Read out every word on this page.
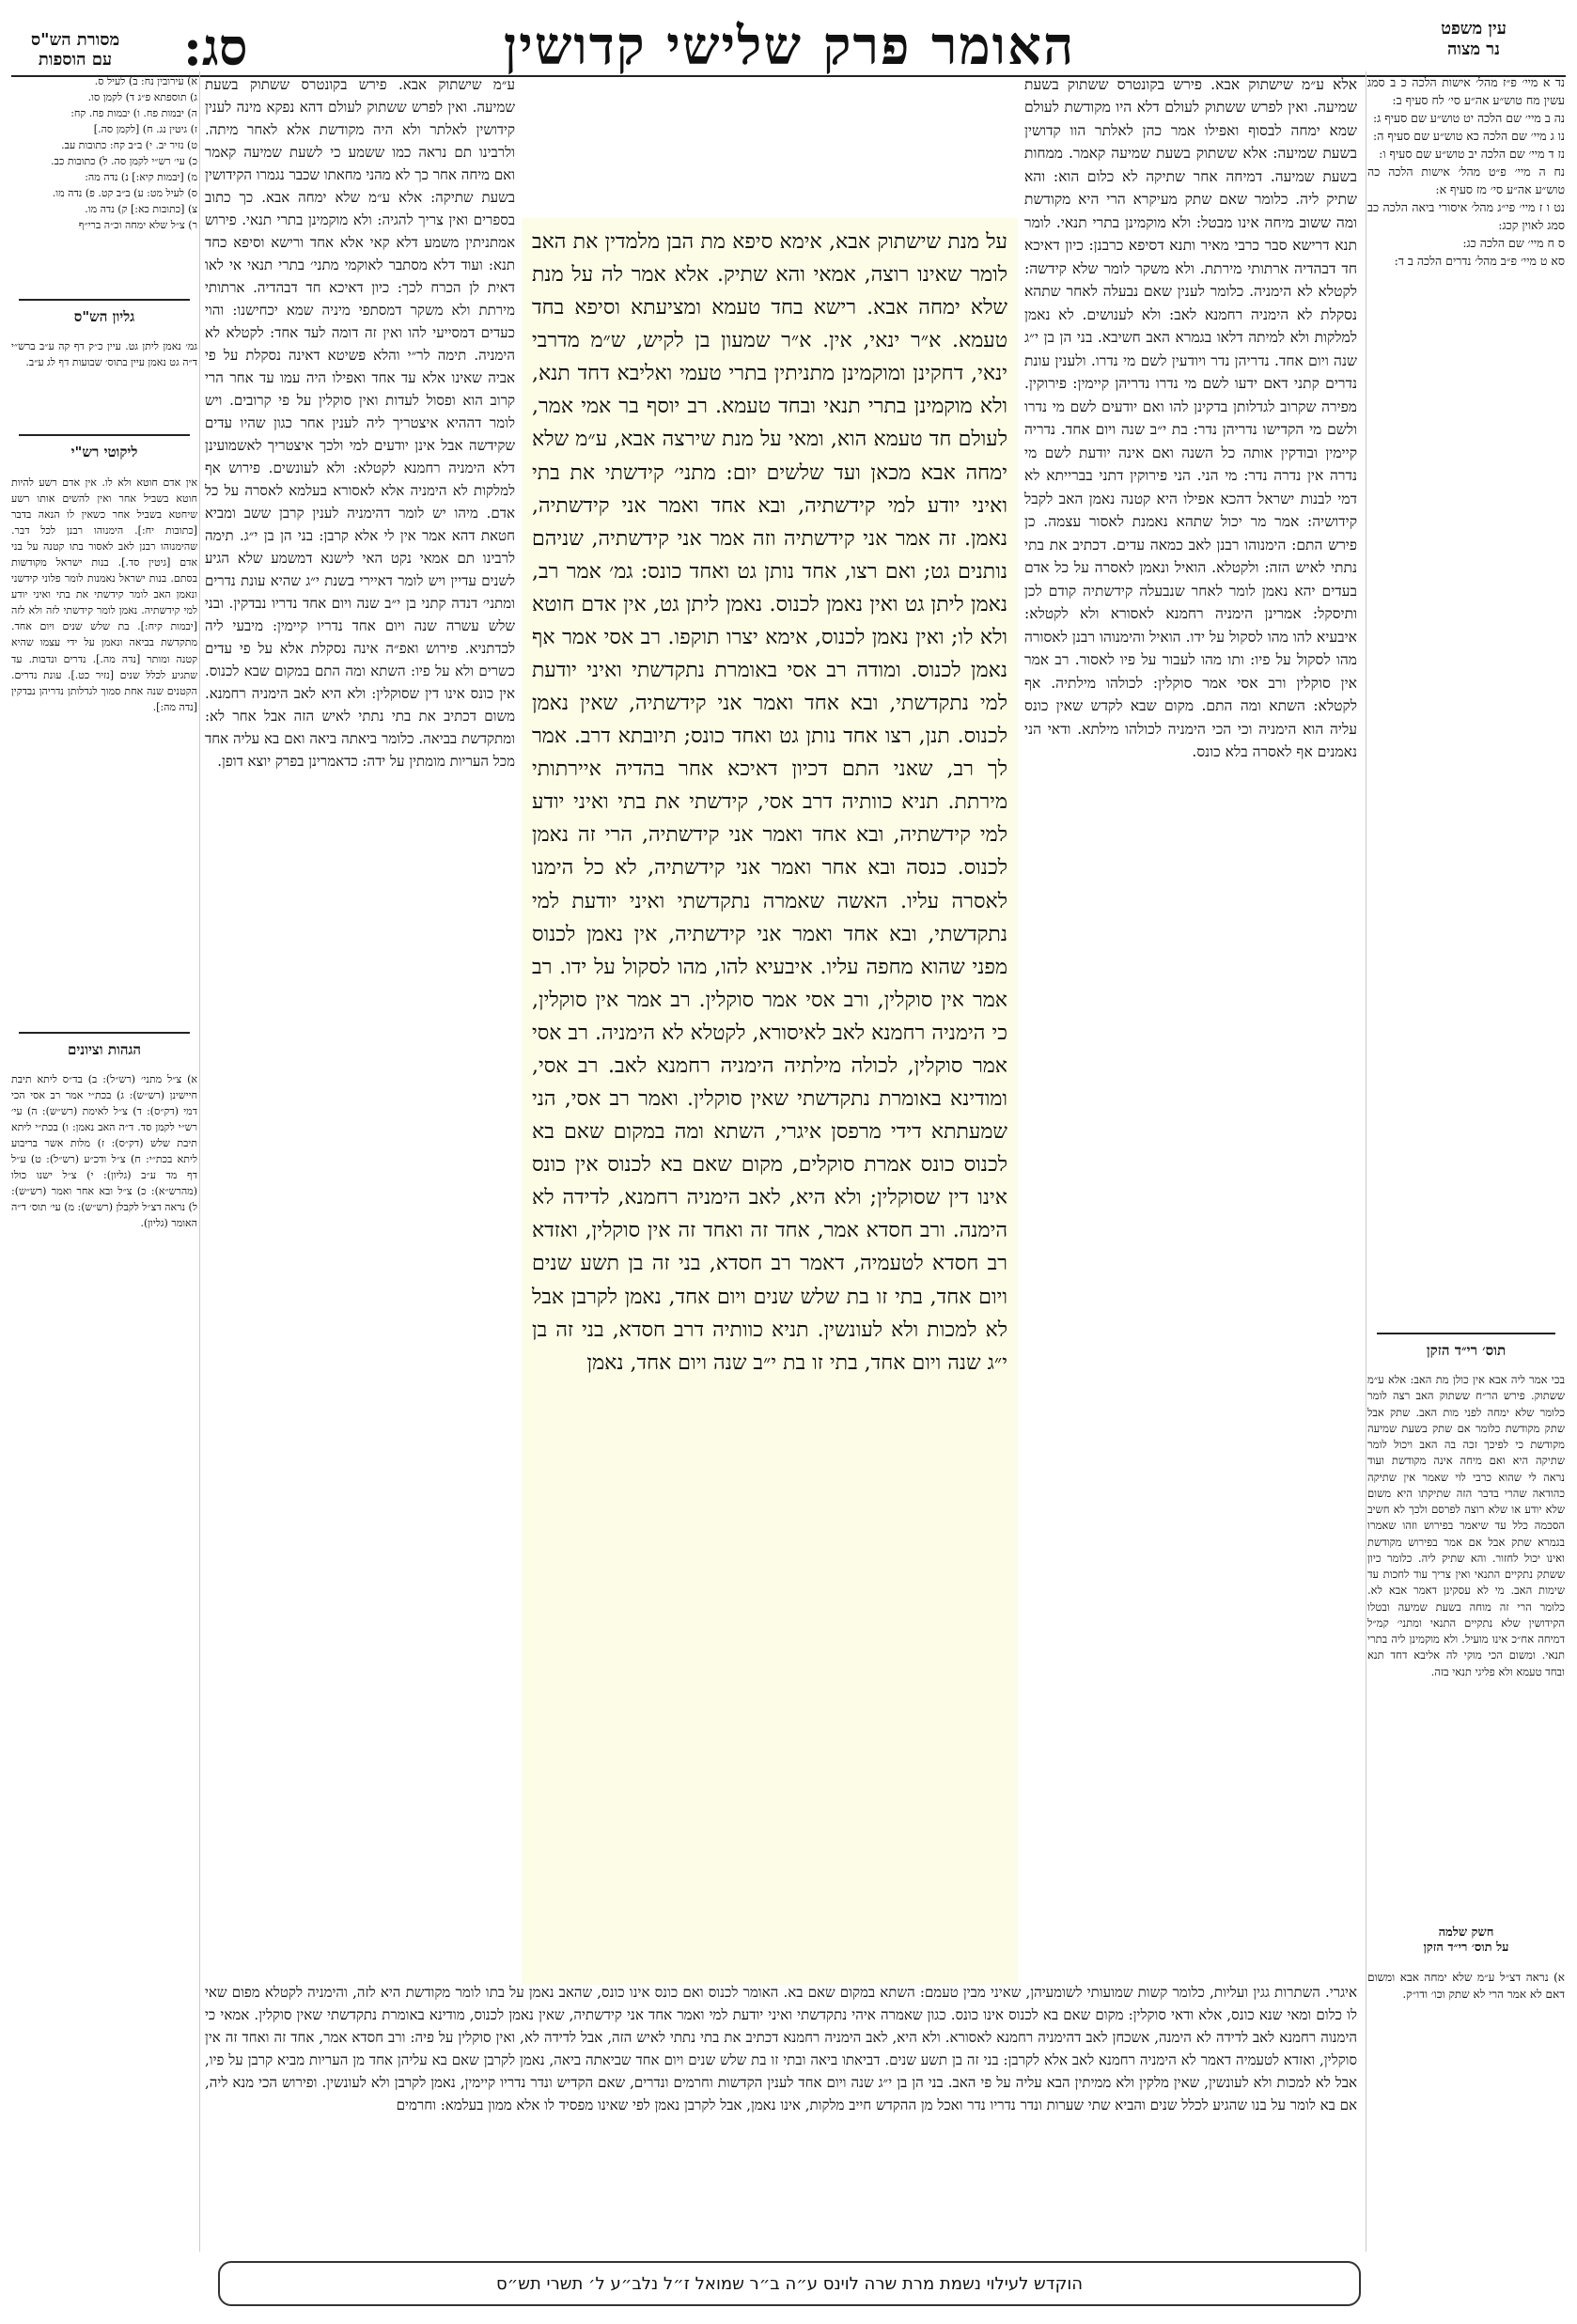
מסורת הש"ס
עם הוספות	סג:	האומר פרק שלישי קדושין	עין משפט
נר מצוה
נד א מיי׳ פ״ז מהל׳ אישות הלכה כ ב סמג עשין מח טוש״ע אה״ע סי׳ לח סעיף ב:
נה ב מיי׳ שם הלכה יט טוש״ע שם סעיף ג:
נו ג מיי׳ שם הלכה כא טוש״ע שם סעיף ה:
נז ד מיי׳ שם הלכה יב טוש״ע שם סעיף ו:
נח ה מיי׳ פ״ט מהל׳ אישות הלכה כה טוש״ע אה״ע סי׳ מז סעיף א:
נט ו ז מיי׳ פי״ג מהל׳ איסורי ביאה הלכה כב סמג לאוין קכג:
ס ח מיי׳ שם הלכה כג:
סא ט מיי׳ פ״ב מהל׳ נדרים הלכה ב ד:
תוס׳ רי״ד הזקן
בכי אמר ליה אבא אין כולן מת האב: אלא ע״מ ששתוק. פירש הר״ח ששתוק האב רצה לומר כלומר שלא ימחה לפני מות האב. שתק אבל שתק מקודשת כלומר אם שתק בשעת שמיעה מקודשת כי לפיכך זכה בה האב ויכול לומר שתיקה היא ואם מיחה אינה מקודשת ועוד נראה לי שהוא כרבי לוי שאמר אין שתיקה כהודאה שהרי בדבר הזה שתיקתו היא משום שלא יודע או שלא רוצה לפרסם ולכך לא חשיב הסכמה כלל עד שיאמר בפירוש וזהו שאמרו בגמרא שתק אבל אם אמר בפירוש מקודשת ואינו יכול לחזור. והא שתיק ליה. כלומר כיון ששתק נתקיים התנאי ואין צריך עוד לחכות עד שימות האב. מי לא עסקינן דאמר אבא לא. כלומר הרי זה מוחה בשעת שמיעה ובטלו הקידושין שלא נתקיים התנאי ומתני׳ קמ״ל דמיחה אח״כ אינו מועיל. ולא מוקמינן ליה בתרי תנאי. ומשום הכי מוקי לה אליבא דחד תנא ובחד טעמא ולא פליגי תנאי בזה.
חשק שלמה
על תוס׳ רי״ד הזקן
א) נראה דצ״ל ע״מ שלא ימחה אבא ומשום דאם לא אמר הרי לא שתק וכו׳ ודו״ק.
א) עירובין נח: ב) לעיל ס.
ג) תוספתא פ״ג ד) לקמן סו.
ה) יבמות פח. ו) יבמות פח. קח:
ז) גיטין נג. ח) [לקמן סה.]
ט) נזיר יב. י) ב״ב קח: כתובות עב.
כ) עי׳ רש״י לקמן סה. ל) כתובות כב.
מ) [יבמות קיא:] נ) נדה מה:
ס) לעיל מט: ע) ב״ב קט. פ) נדה מו.
צ) [כתובות כא:] ק) נדה מו.
ר) צ״ל שלא ימחה וכ״ה ברי״ף
גליון הש"ס
גמ׳ נאמן ליתן גט. עיין כ״ק דף קה ע״ב ברש״י ד״ה גט נאמן עיין בתוס׳ שבועות דף לג ע״ב.
ליקוטי רש"י
אין אדם חוטא ולא לו. אין אדם רשע להיות חוטא בשביל אחר ואין להשים אותו רשע שיחטא בשביל אחר כשאין לו הנאה בדבר [כתובות יח:]. הימנוהו רבנן לכל דבר. שהימנוהו רבנן לאב לאסור בתו קטנה על בני אדם [גיטין סד.]. בנות ישראל מקודשות בסתם. בנות ישראל נאמנות לומר פלוני קידשני ונאמן האב לומר קידשתי את בתי ואיני יודע למי קידשתיה. נאמן לומר קידשתי לזה ולא לזה [יבמות קיח:]. בת שלש שנים ויום אחד. מתקדשת בביאה ונאמן על ידי עצמו שהיא קטנה ומותר [נדה מה.]. נדרים ונדבות. עד שתגיע לכלל שנים [נזיר כט.]. עונת נדרים. הקטנים שנה אחת סמוך לגדלותן נדריהן נבדקין [נדה מה:].
הגהות וציונים
א) צ״ל מתני׳ (רש״ל): ב) בד״ס ליתא תיבת חיישינן (רש״ש): ג) בכת״י אמר רב אסי הכי דמי (דק״ס): ד) צ״ל לאימת (רש״ש): ה) עי׳ רש״י לקמן סד. ד״ה האב נאמן: ו) בכת״י ליתא תיבת שלש (דק״ס): ז) מלות אשר בריבוע ליתא בכת״י: ח) צ״ל ודכ״ע (רש״ל): ט) ע״ל דף מד ע״ב (גליון): י) צ״ל ישנו כולו (מהרש״א): כ) צ״ל ובא אחר ואמר (רש״ש): ל) נראה דצ״ל לקבלן (רש״ש): מ) עי׳ תוס׳ ד״ה האומר (גליון).
אלא ע״מ שישתוק אבא. פירש בקונטרס ששתוק בשעת שמיעה. ואין לפרש ששתוק לעולם דלא היו מקודשת לעולם שמא ימחה לבסוף ואפילו אמר כהן לאלתר הוו קדושין בשעת שמיעה: אלא ששתוק בשעת שמיעה קאמר. ממחות בשעת שמיעה. דמיחה אחר שתיקה לא כלום הוא: והא שתיק ליה. כלומר שאם שתק מעיקרא הרי היא מקודשת ומה ששוב מיחה אינו מבטל: ולא מוקמינן בתרי תנאי. לומר תנא דרישא סבר כרבי מאיר ותנא דסיפא כרבנן: כיון דאיכא חד דבהדיה ארתותי מירתת. ולא משקר לומר שלא קידשה: לקטלא לא הימניה. כלומר לענין שאם נבעלה לאחר שתהא נסקלת לא הימניה רחמנא לאב: ולא לענושים. לא נאמן למלקות ולא למיתה דלאו בגמרא האב חשיבא. בני הן בן י״ג שנה ויום אחד. נדריהן נדר ויודעין לשם מי נדרו. ולענין עונת נדרים קתני דאם ידעו לשם מי נדרו נדריהן קיימין: פירוקין. מפירה שקרוב לגדלותן בדקינן להו ואם יודעים לשם מי נדרו ולשם מי הקדישו נדריהן נדר: בת י״ב שנה ויום אחד. נדריה קיימין ובודקין אותה כל השנה ואם אינה יודעת לשם מי נדרה אין נדרה נדר: מי הני. הני פירוקין דתני בברייתא לא דמי לבנות ישראל דהכא אפילו היא קטנה נאמן האב לקבל קידושיה: אמר מר יכול שתהא נאמנת לאסור עצמה. כן פירש התם: הימנוהו רבנן לאב כמאה עדים. דכתיב את בתי נתתי לאיש הזה: ולקטלא. הואיל ונאמן לאסרה על כל אדם בעדים יהא נאמן לומר לאחר שנבעלה קידשתיה קודם לכן ותיסקל: אמרינן הימניה רחמנא לאסורא ולא לקטלא: איבעיא להו מהו לסקול על ידו. הואיל והימנוהו רבנן לאסורה מהו לסקול על פיו: ותו מהו לעבור על פיו לאסור. רב אמר אין סוקלין ורב אסי אמר סוקלין: לכולהו מילתיה. אף לקטלא: השתא ומה התם. מקום שבא לקדש שאין כונס עליה הוא הימניה וכי הכי הימניה לכולהו מילתא. ודאי הני נאמנים אף לאסרה בלא כונס.
ע״מ שישתוק אבא. פירש בקונטרס ששתוק בשעת שמיעה. ואין לפרש ששתוק לעולם דהא נפקא מינה לענין קידושין לאלתר ולא היה מקודשת אלא לאחר מיתה. ולרבינו תם נראה כמו ששמע כי לשעת שמיעה קאמר ואם מיחה אחר כך לא מהני מחאתו שכבר נגמרו הקידושין בשעת שתיקה: אלא ע״מ שלא ימחה אבא. כך כתוב בספרים ואין צריך להגיה: ולא מוקמינן בתרי תנאי. פירוש אמתניתין משמע דלא קאי אלא אחד ורישא וסיפא כחד תנא: ועוד דלא מסתבר לאוקמי מתני׳ בתרי תנאי אי לאו דאית לן הכרח לכך: כיון דאיכא חד דבהדיה. ארתותי מירתת ולא משקר דמסתפי מיניה שמא יכחישנו: והוי כעדים דמסייעי להו ואין זה דומה לעד אחד: לקטלא לא הימניה. תימה לר״י והלא פשיטא דאינה נסקלת על פי אביה שאינו אלא עד אחד ואפילו היה עמו עד אחר הרי קרוב הוא ופסול לעדות ואין סוקלין על פי קרובים. ויש לומר דההיא איצטריך ליה לענין אחר כגון שהיו עדים שקידשה אבל אינן יודעים למי ולכך איצטריך לאשמועינן דלא הימניה רחמנא לקטלא: ולא לעונשים. פירוש אף למלקות לא הימניה אלא לאסורא בעלמא לאסרה על כל אדם. מיהו יש לומר דהימניה לענין קרבן ששב ומביא חטאת דהא אמר אין לי אלא קרבן: בני הן בן י״ג. תימה לרבינו תם אמאי נקט האי לישנא דמשמע שלא הגיע לשנים עדיין ויש לומר דאיירי בשנת י״ג שהיא עונת נדרים ומתני׳ דנדה קתני בן י״ב שנה ויום אחד נדריו נבדקין. ובני שלש עשרה שנה ויום אחד נדריו קיימין: מיבעי ליה לכדתניא. פירוש ואפ״ה אינה נסקלת אלא על פי עדים כשרים ולא על פיו: השתא ומה התם במקום שבא לכנוס. אין כונס אינו דין שסוקלין: ולא היא לאב הימניה רחמנא. משום דכתיב את בתי נתתי לאיש הזה אבל אחר לא: ומתקדשת בביאה. כלומר ביאתה ביאה ואם בא עליה אחד מכל העריות מומתין על ידה: כדאמרינן בפרק יוצא דופן.
על מנת שישתוק אבא, אימא סיפא מת הבן מלמדין את האב לומר שאינו רוצה, אמאי והא שתיק. אלא אמר לה על מנת שלא ימחה אבא. רישא בחד טעמא ומציעתא וסיפא בחד טעמא. א״ר ינאי, אין. א״ר שמעון בן לקיש, ש״מ מדרבי ינאי, דחקינן ומוקמינן מתניתין בתרי טעמי ואליבא דחד תנא, ולא מוקמינן בתרי תנאי ובחד טעמא. רב יוסף בר אמי אמר, לעולם חד טעמא הוא, ומאי על מנת שירצה אבא, ע״מ שלא ימחה אבא מכאן ועד שלשים יום: מתני׳ קידשתי את בתי ואיני יודע למי קידשתיה, ובא אחד ואמר אני קידשתיה, נאמן. זה אמר אני קידשתיה וזה אמר אני קידשתיה, שניהם נותנים גט; ואם רצו, אחד נותן גט ואחד כונס: גמ׳ אמר רב, נאמן ליתן גט ואין נאמן לכנוס. נאמן ליתן גט, אין אדם חוטא ולא לו; ואין נאמן לכנוס, אימא יצרו תוקפו. רב אסי אמר אף נאמן לכנוס. ומודה רב אסי באומרת נתקדשתי ואיני יודעת למי נתקדשתי, ובא אחד ואמר אני קידשתיה, שאין נאמן לכנוס. תנן, רצו אחד נותן גט ואחד כונס; תיובתא דרב. אמר לך רב, שאני התם דכיון דאיכא אחר בהדיה איירתותי מירתת. תניא כוותיה דרב אסי, קידשתי את בתי ואיני יודע למי קידשתיה, ובא אחד ואמר אני קידשתיה, הרי זה נאמן לכנוס. כנסה ובא אחר ואמר אני קידשתיה, לא כל הימנו לאסרה עליו. האשה שאמרה נתקדשתי ואיני יודעת למי נתקדשתי, ובא אחד ואמר אני קידשתיה, אין נאמן לכנוס מפני שהוא מחפה עליו. איבעיא להו, מהו לסקול על ידו. רב אמר אין סוקלין, ורב אסי אמר סוקלין. רב אמר אין סוקלין, כי הימניה רחמנא לאב לאיסורא, לקטלא לא הימניה. רב אסי אמר סוקלין, לכולה מילתיה הימניה רחמנא לאב. רב אסי, ומודינא באומרת נתקדשתי שאין סוקלין. ואמר רב אסי, הני שמעתתא דידי מרפסן איגרי, השתא ומה במקום שאם בא לכנוס כונס אמרת סוקלים, מקום שאם בא לכנוס אין כונס אינו דין שסוקלין; ולא היא, לאב הימניה רחמנא, לדידה לא הימנה. ורב חסדא אמר, אחד זה ואחד זה אין סוקלין, ואזדא רב חסדא לטעמיה, דאמר רב חסדא, בני זה בן תשע שנים ויום אחד, בתי זו בת שלש שנים ויום אחד, נאמן לקרבן אבל לא למכות ולא לעונשין. תניא כוותיה דרב חסדא, בני זה בן י״ג שנה ויום אחד, בתי זו בת י״ב שנה ויום אחד, נאמן
איגרי. השתרות גגין ועליות, כלומר קשות שמועותי לשומעיהן, שאיני מבין טעמם: השתא במקום שאם בא. האומר לכנוס ואם כונס אינו כונס, שהאב נאמן על בתו לומר מקודשת היא לזה, והימניה לקטלא מפום שאי לו כלום ומאי שנא כונס, אלא ודאי סוקלין: מקום שאם בא לכנוס אינו כונס. כגון שאמרה איהי נתקדשתי ואיני יודעת למי ואמר אחד אני קידשתיה, שאין נאמן לכנוס, מודינא באומרת נתקדשתי שאין סוקלין. אמאי כי הימנוה רחמנא לאב לדידה לא הימנה, אשכחן לאב דהימניה רחמנא לאסורא. ולא היא, לאב הימניה רחמנא דכתיב את בתי נתתי לאיש הזה, אבל לדידה לא, ואין סוקלין על פיה: ורב חסדא אמר, אחד זה ואחד זה אין סוקלין, ואזדא לטעמיה דאמר לא הימניה רחמנא לאב אלא לקרבן: בני זה בן תשע שנים. דביאתו ביאה ובתי זו בת שלש שנים ויום אחד שביאתה ביאה, נאמן לקרבן שאם בא עליהן אחד מן העריות מביא קרבן על פיו, אבל לא למכות ולא לעונשין, שאין מלקין ולא ממיתין הבא עליה על פי האב. בני הן בן י״ג שנה ויום אחד לענין הקדשות וחרמים ונדרים, שאם הקדיש ונדר נדריו קיימין, נאמן לקרבן ולא לעונשין. ופירוש הכי מנא ליה, אם בא לומר על בנו שהגיע לכלל שנים והביא שתי שערות ונדר נדריו נדר ואכל מן ההקדש חייב מלקות, אינו נאמן, אבל לקרבן נאמן לפי שאינו מפסיד לו אלא ממון בעלמא: וחרמים
הוקדש לעילוי נשמת מרת שרה לוינס ע״ה ב״ר שמואל ז״ל נלב״ע ל׳ תשרי תש״ס
